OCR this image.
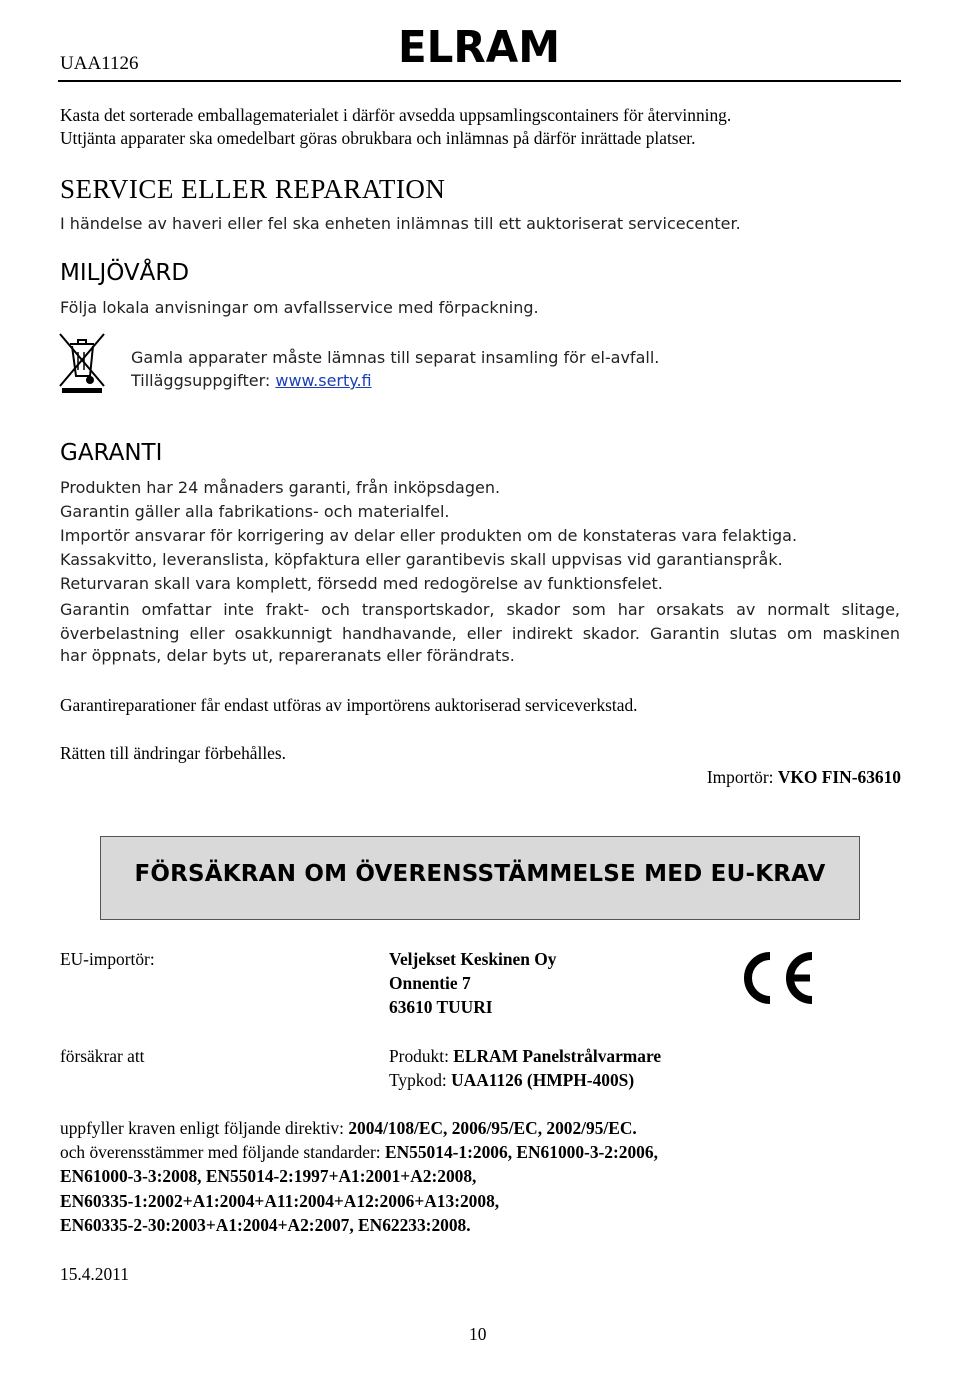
UAA1126	ELRAM
Kasta det sorterade emballagematerialet i därför avsedda uppsamlingscontainers för återvinning.
Uttjänta apparater ska omedelbart göras obrukbara och inlämnas på därför inrättade platser.
SERVICE ELLER REPARATION
I händelse av haveri eller fel ska enheten inlämnas till ett auktoriserat servicecenter.
MILJÖVÅRD
Följa lokala anvisningar om avfallsservice med förpackning.
Gamla apparater måste lämnas till separat insamling för el-avfall.
Tilläggsuppgifter: www.serty.fi
GARANTI
Produkten har 24 månaders garanti, från inköpsdagen.
Garantin gäller alla fabrikations- och materialfel.
Importör ansvarar för korrigering av delar eller produkten om de konstateras vara felaktiga.
Kassakvitto, leveranslista, köpfaktura eller garantibevis skall uppvisas vid garantianspråk.
Returvaran skall vara komplett, försedd med redogörelse av funktionsfelet.
Garantin omfattar inte frakt- och transportskador, skador som har orsakats av normalt slitage,
överbelastning eller osakkunnigt handhavande, eller indirekt skador. Garantin slutas om maskinen
har öppnats, delar byts ut, repareranats eller förändrats.
Garantireparationer får endast utföras av importörens auktoriserad serviceverkstad.
Rätten till ändringar förbehålles.
Importör: VKO FIN-63610
FÖRSÄKRAN OM ÖVERENSSTÄMMELSE MED EU-KRAV
EU-importör:	Veljekset Keskinen Oy
Onnentie 7
63610 TUURI
försäkrar att	Produkt: ELRAM Panelstrålvarmare
Typkod: UAA1126 (HMPH-400S)
uppfyller kraven enligt följande direktiv: 2004/108/EC, 2006/95/EC, 2002/95/EC.
och överensstämmer med följande standarder: EN55014-1:2006, EN61000-3-2:2006,
EN61000-3-3:2008, EN55014-2:1997+A1:2001+A2:2008,
EN60335-1:2002+A1:2004+A11:2004+A12:2006+A13:2008,
EN60335-2-30:2003+A1:2004+A2:2007, EN62233:2008.
15.4.2011
10
